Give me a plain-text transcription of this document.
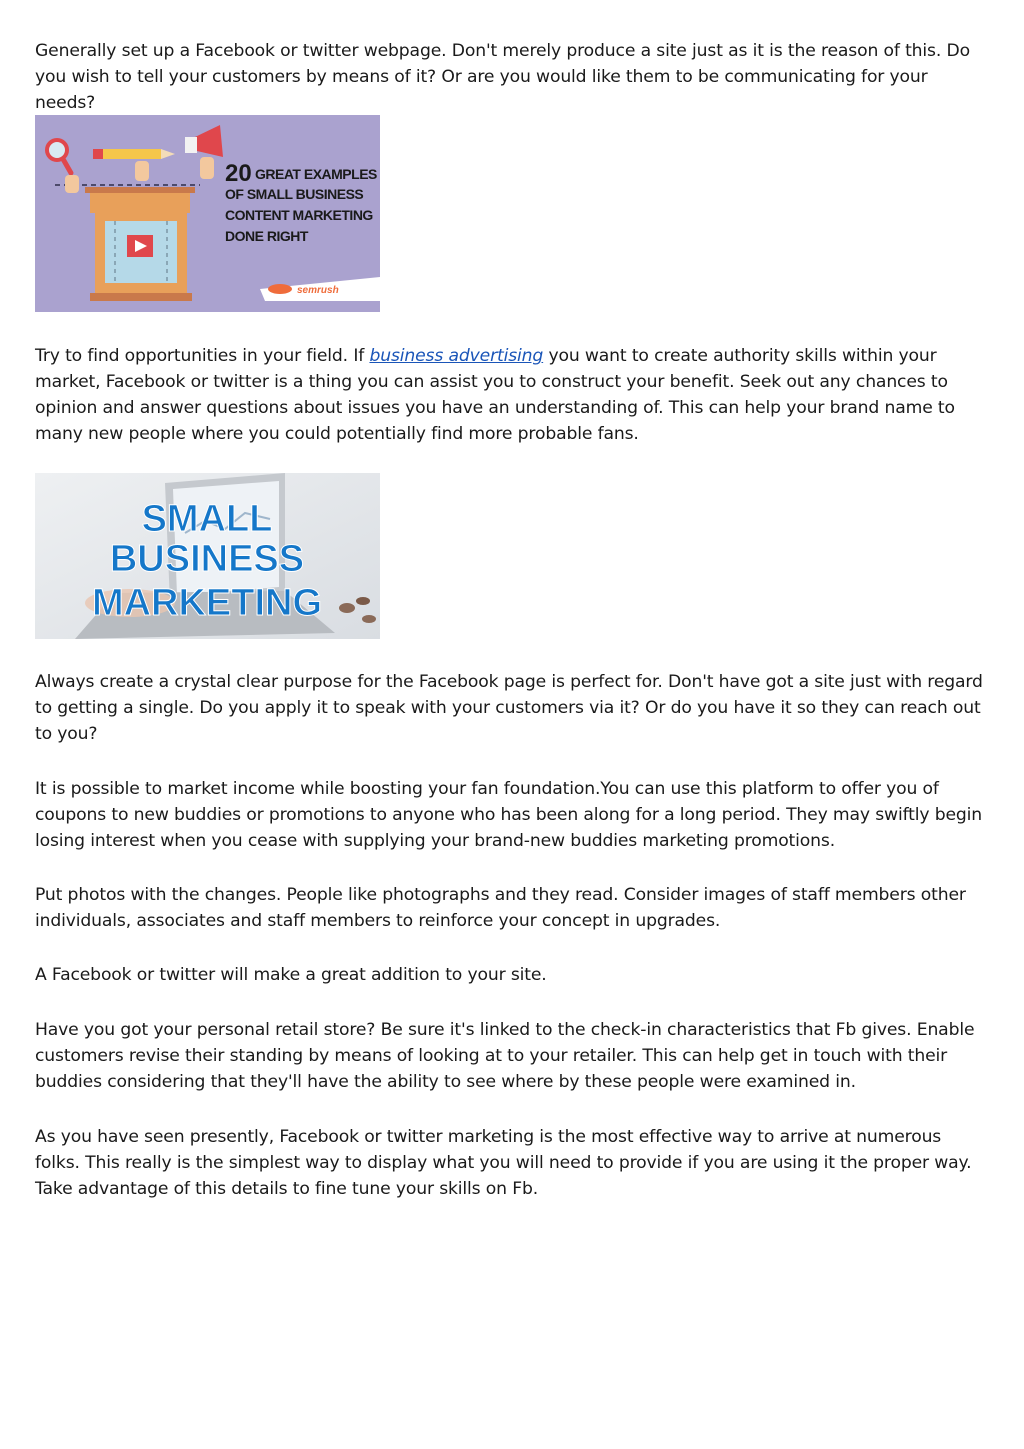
Generally set up a Facebook or twitter webpage. Don't merely produce a site just as it is the reason of this. Do you wish to tell your customers by means of it? Or are you would like them to be communicating for your needs?

20 GREAT EXAMPLES
OF SMALL BUSINESS
CONTENT MARKETING
DONE RIGHT
semrush

Try to find opportunities in your field. If business advertising you want to create authority skills within your market, Facebook or twitter is a thing you can assist you to construct your benefit. Seek out any chances to opinion and answer questions about issues you have an understanding of. This can help your brand name to many new people where you could potentially find more probable fans.

SMALL
BUSINESS
MARKETING

Always create a crystal clear purpose for the Facebook page is perfect for. Don't have got a site just with regard to getting a single. Do you apply it to speak with your customers via it? Or do you have it so they can reach out to you?

It is possible to market income while boosting your fan foundation.You can use this platform to offer you of coupons to new buddies or promotions to anyone who has been along for a long period. They may swiftly begin losing interest when you cease with supplying your brand-new buddies marketing promotions.

Put photos with the changes. People like photographs and they read. Consider images of staff members other individuals, associates and staff members to reinforce your concept in upgrades.

A Facebook or twitter will make a great addition to your site.

Have you got your personal retail store? Be sure it's linked to the check-in characteristics that Fb gives. Enable customers revise their standing by means of looking at to your retailer. This can help get in touch with their buddies considering that they'll have the ability to see where by these people were examined in.

As you have seen presently, Facebook or twitter marketing is the most effective way to arrive at numerous folks. This really is the simplest way to display what you will need to provide if you are using it the proper way. Take advantage of this details to fine tune your skills on Fb.
